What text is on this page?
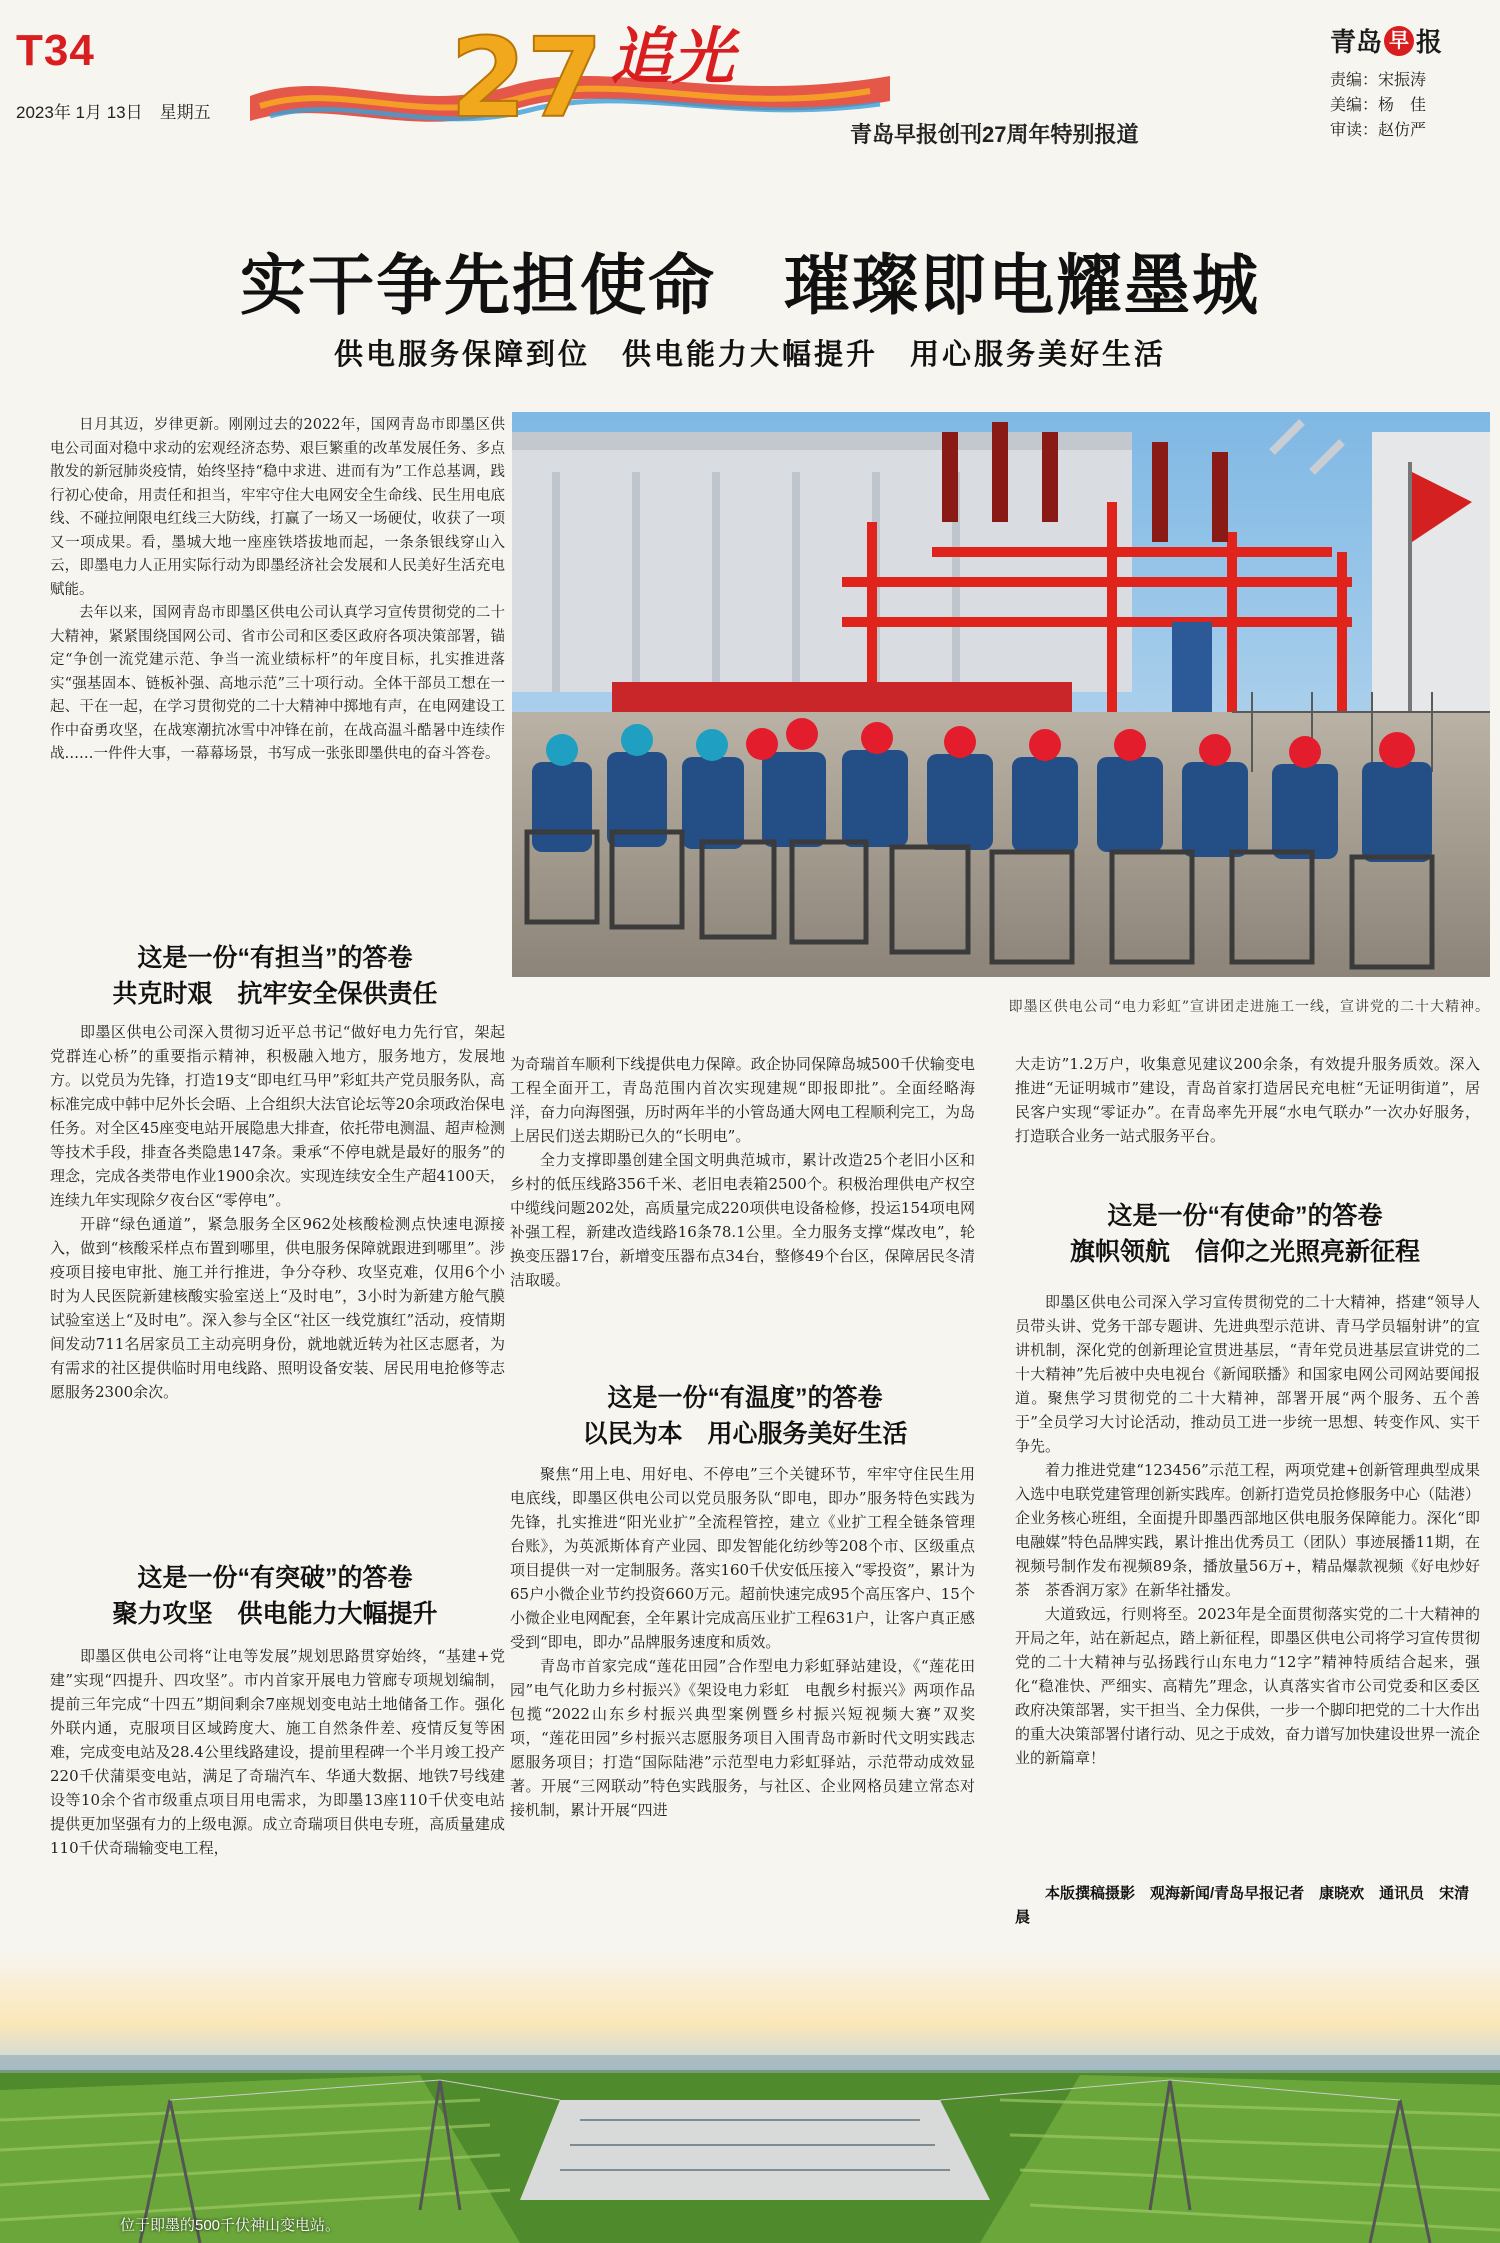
T34
2023年 1月 13日　星期五 27 追光
青岛早报创刊27周年特别报道
青岛 早 报
责编：宋振涛
美编：杨　佳
审读：赵仿严
实干争先担使命　璀璨即电耀墨城
供电服务保障到位　供电能力大幅提升　用心服务美好生活

日月其迈，岁律更新。刚刚过去的2022年，国网青岛市即墨区供电公司面对稳中求动的宏观经济态势、艰巨繁重的改革发展任务、多点散发的新冠肺炎疫情，始终坚持“稳中求进、进而有为”工作总基调，践行初心使命，用责任和担当，牢牢守住大电网安全生命线、民生用电底线、不碰拉闸限电红线三大防线，打赢了一场又一场硬仗，收获了一项又一项成果。看，墨城大地一座座铁塔拔地而起，一条条银线穿山入云，即墨电力人正用实际行动为即墨经济社会发展和人民美好生活充电赋能。

去年以来，国网青岛市即墨区供电公司认真学习宣传贯彻党的二十大精神，紧紧围绕国网公司、省市公司和区委区政府各项决策部署，锚定“争创一流党建示范、争当一流业绩标杆”的年度目标，扎实推进落实“强基固本、链板补强、高地示范”三十项行动。全体干部员工想在一起、干在一起，在学习贯彻党的二十大精神中掷地有声，在电网建设工作中奋勇攻坚，在战寒潮抗冰雪中冲锋在前，在战高温斗酷暑中连续作战……一件件大事，一幕幕场景，书写成一张张即墨供电的奋斗答卷。

即墨区供电公司“电力彩虹”宣讲团走进施工一线，宣讲党的二十大精神。
这是一份“有担当”的答卷
共克时艰　抗牢安全保供责任

即墨区供电公司深入贯彻习近平总书记“做好电力先行官，架起党群连心桥”的重要指示精神，积极融入地方，服务地方，发展地方。以党员为先锋，打造19支“即电红马甲”彩虹共产党员服务队，高标准完成中韩中尼外长会晤、上合组织大法官论坛等20余项政治保电任务。对全区45座变电站开展隐患大排查，依托带电测温、超声检测等技术手段，排查各类隐患147条。秉承“不停电就是最好的服务”的理念，完成各类带电作业1900余次。实现连续安全生产超4100天，连续九年实现除夕夜台区“零停电”。

开辟“绿色通道”，紧急服务全区962处核酸检测点快速电源接入，做到“核酸采样点布置到哪里，供电服务保障就跟进到哪里”。涉疫项目接电审批、施工并行推进，争分夺秒、攻坚克难，仅用6个小时为人民医院新建核酸实验室送上“及时电”，3小时为新建方舱气膜试验室送上“及时电”。深入参与全区“社区一线党旗红”活动，疫情期间发动711名居家员工主动亮明身份，就地就近转为社区志愿者，为有需求的社区提供临时用电线路、照明设备安装、居民用电抢修等志愿服务2300余次。

这是一份“有突破”的答卷
聚力攻坚　供电能力大幅提升

即墨区供电公司将“让电等发展”规划思路贯穿始终，“基建+党建”实现“四提升、四攻坚”。市内首家开展电力管廊专项规划编制，提前三年完成“十四五”期间剩余7座规划变电站土地储备工作。强化外联内通，克服项目区域跨度大、施工自然条件差、疫情反复等困难，完成变电站及28.4公里线路建设，提前里程碑一个半月竣工投产220千伏蒲渠变电站，满足了奇瑞汽车、华通大数据、地铁7号线建设等10余个省市级重点项目用电需求，为即墨13座110千伏变电站提供更加坚强有力的上级电源。成立奇瑞项目供电专班，高质量建成110千伏奇瑞输变电工程，

为奇瑞首车顺利下线提供电力保障。政企协同保障岛城500千伏输变电工程全面开工，青岛范围内首次实现建规“即报即批”。全面经略海洋，奋力向海图强，历时两年半的小管岛通大网电工程顺利完工，为岛上居民们送去期盼已久的“长明电”。

全力支撑即墨创建全国文明典范城市，累计改造25个老旧小区和乡村的低压线路356千米、老旧电表箱2500个。积极治理供电产权空中缆线问题202处，高质量完成220项供电设备检修，投运154项电网补强工程，新建改造线路16条78.1公里。全力服务支撑“煤改电”，轮换变压器17台，新增变压器布点34台，整修49个台区，保障居民冬清洁取暖。

这是一份“有温度”的答卷
以民为本　用心服务美好生活

聚焦“用上电、用好电、不停电”三个关键环节，牢牢守住民生用电底线，即墨区供电公司以党员服务队“即电，即办”服务特色实践为先锋，扎实推进“阳光业扩”全流程管控，建立《业扩工程全链条管理台账》，为英派斯体育产业园、即发智能化纺纱等208个市、区级重点项目提供一对一定制服务。落实160千伏安低压接入“零投资”，累计为65户小微企业节约投资660万元。超前快速完成95个高压客户、15个小微企业电网配套，全年累计完成高压业扩工程631户，让客户真正感受到“即电，即办”品牌服务速度和质效。

青岛市首家完成“莲花田园”合作型电力彩虹驿站建设，《“莲花田园”电气化助力乡村振兴》《架设电力彩虹　电靓乡村振兴》两项作品包揽“2022山东乡村振兴典型案例暨乡村振兴短视频大赛”双奖项，“莲花田园”乡村振兴志愿服务项目入围青岛市新时代文明实践志愿服务项目；打造“国际陆港”示范型电力彩虹驿站，示范带动成效显著。开展“三网联动”特色实践服务，与社区、企业网格员建立常态对接机制，累计开展“四进

大走访”1.2万户，收集意见建议200余条，有效提升服务质效。深入推进“无证明城市”建设，青岛首家打造居民充电桩“无证明街道”，居民客户实现“零证办”。在青岛率先开展“水电气联办”一次办好服务，打造联合业务一站式服务平台。

这是一份“有使命”的答卷
旗帜领航　信仰之光照亮新征程

即墨区供电公司深入学习宣传贯彻党的二十大精神，搭建“领导人员带头讲、党务干部专题讲、先进典型示范讲、青马学员辐射讲”的宣讲机制，深化党的创新理论宣贯进基层，“青年党员进基层宣讲党的二十大精神”先后被中央电视台《新闻联播》和国家电网公司网站要闻报道。聚焦学习贯彻党的二十大精神，部署开展“两个服务、五个善于”全员学习大讨论活动，推动员工进一步统一思想、转变作风、实干争先。

着力推进党建“123456”示范工程，两项党建+创新管理典型成果入选中电联党建管理创新实践库。创新打造党员抢修服务中心（陆港）企业务核心班组，全面提升即墨西部地区供电服务保障能力。深化“即电融媒”特色品牌实践，累计推出优秀员工（团队）事迹展播11期，在视频号制作发布视频89条，播放量56万+，精品爆款视频《好电炒好茶　茶香润万家》在新华社播发。

大道致远，行则将至。2023年是全面贯彻落实党的二十大精神的开局之年，站在新起点，踏上新征程，即墨区供电公司将学习宣传贯彻党的二十大精神与弘扬践行山东电力“12字”精神特质结合起来，强化“稳准快、严细实、高精先”理念，认真落实省市公司党委和区委区政府决策部署，实干担当、全力保供，一步一个脚印把党的二十大作出的重大决策部署付诸行动、见之于成效，奋力谱写加快建设世界一流企业的新篇章！

本版撰稿摄影　观海新闻/青岛早报记者　康晓欢　通讯员　宋清晨
位于即墨的500千伏神山变电站。
